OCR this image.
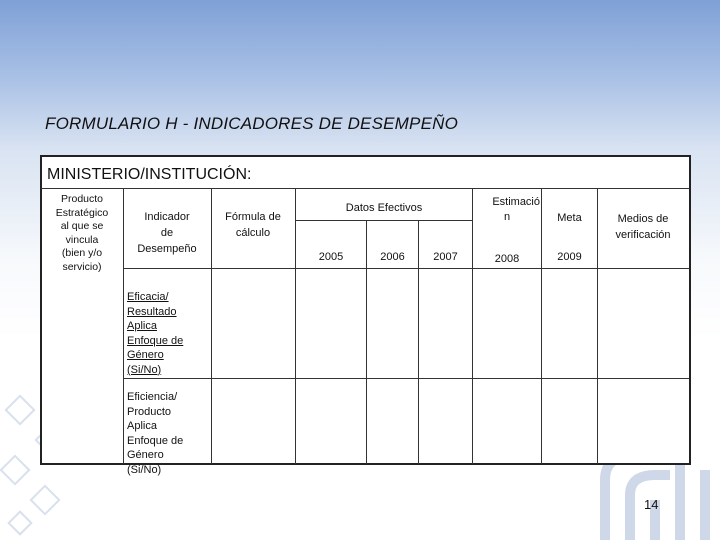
FORMULARIO H - INDICADORES DE DESEMPEÑO
MINISTERIO/INSTITUCIÓN:
Producto
Estratégico
al que se
vincula
(bien y/o
servicio)
Indicador
de
Desempeño
Fórmula de
cálculo
Datos Efectivos
2005	2006	2007
Estimació
n
2008
Meta
2009
Medios de
verificación
Eficacia/
Resultado
Aplica
Enfoque de
Género
(Si/No)
Eficiencia/
Producto
Aplica
Enfoque de
Género
(Si/No)
14
